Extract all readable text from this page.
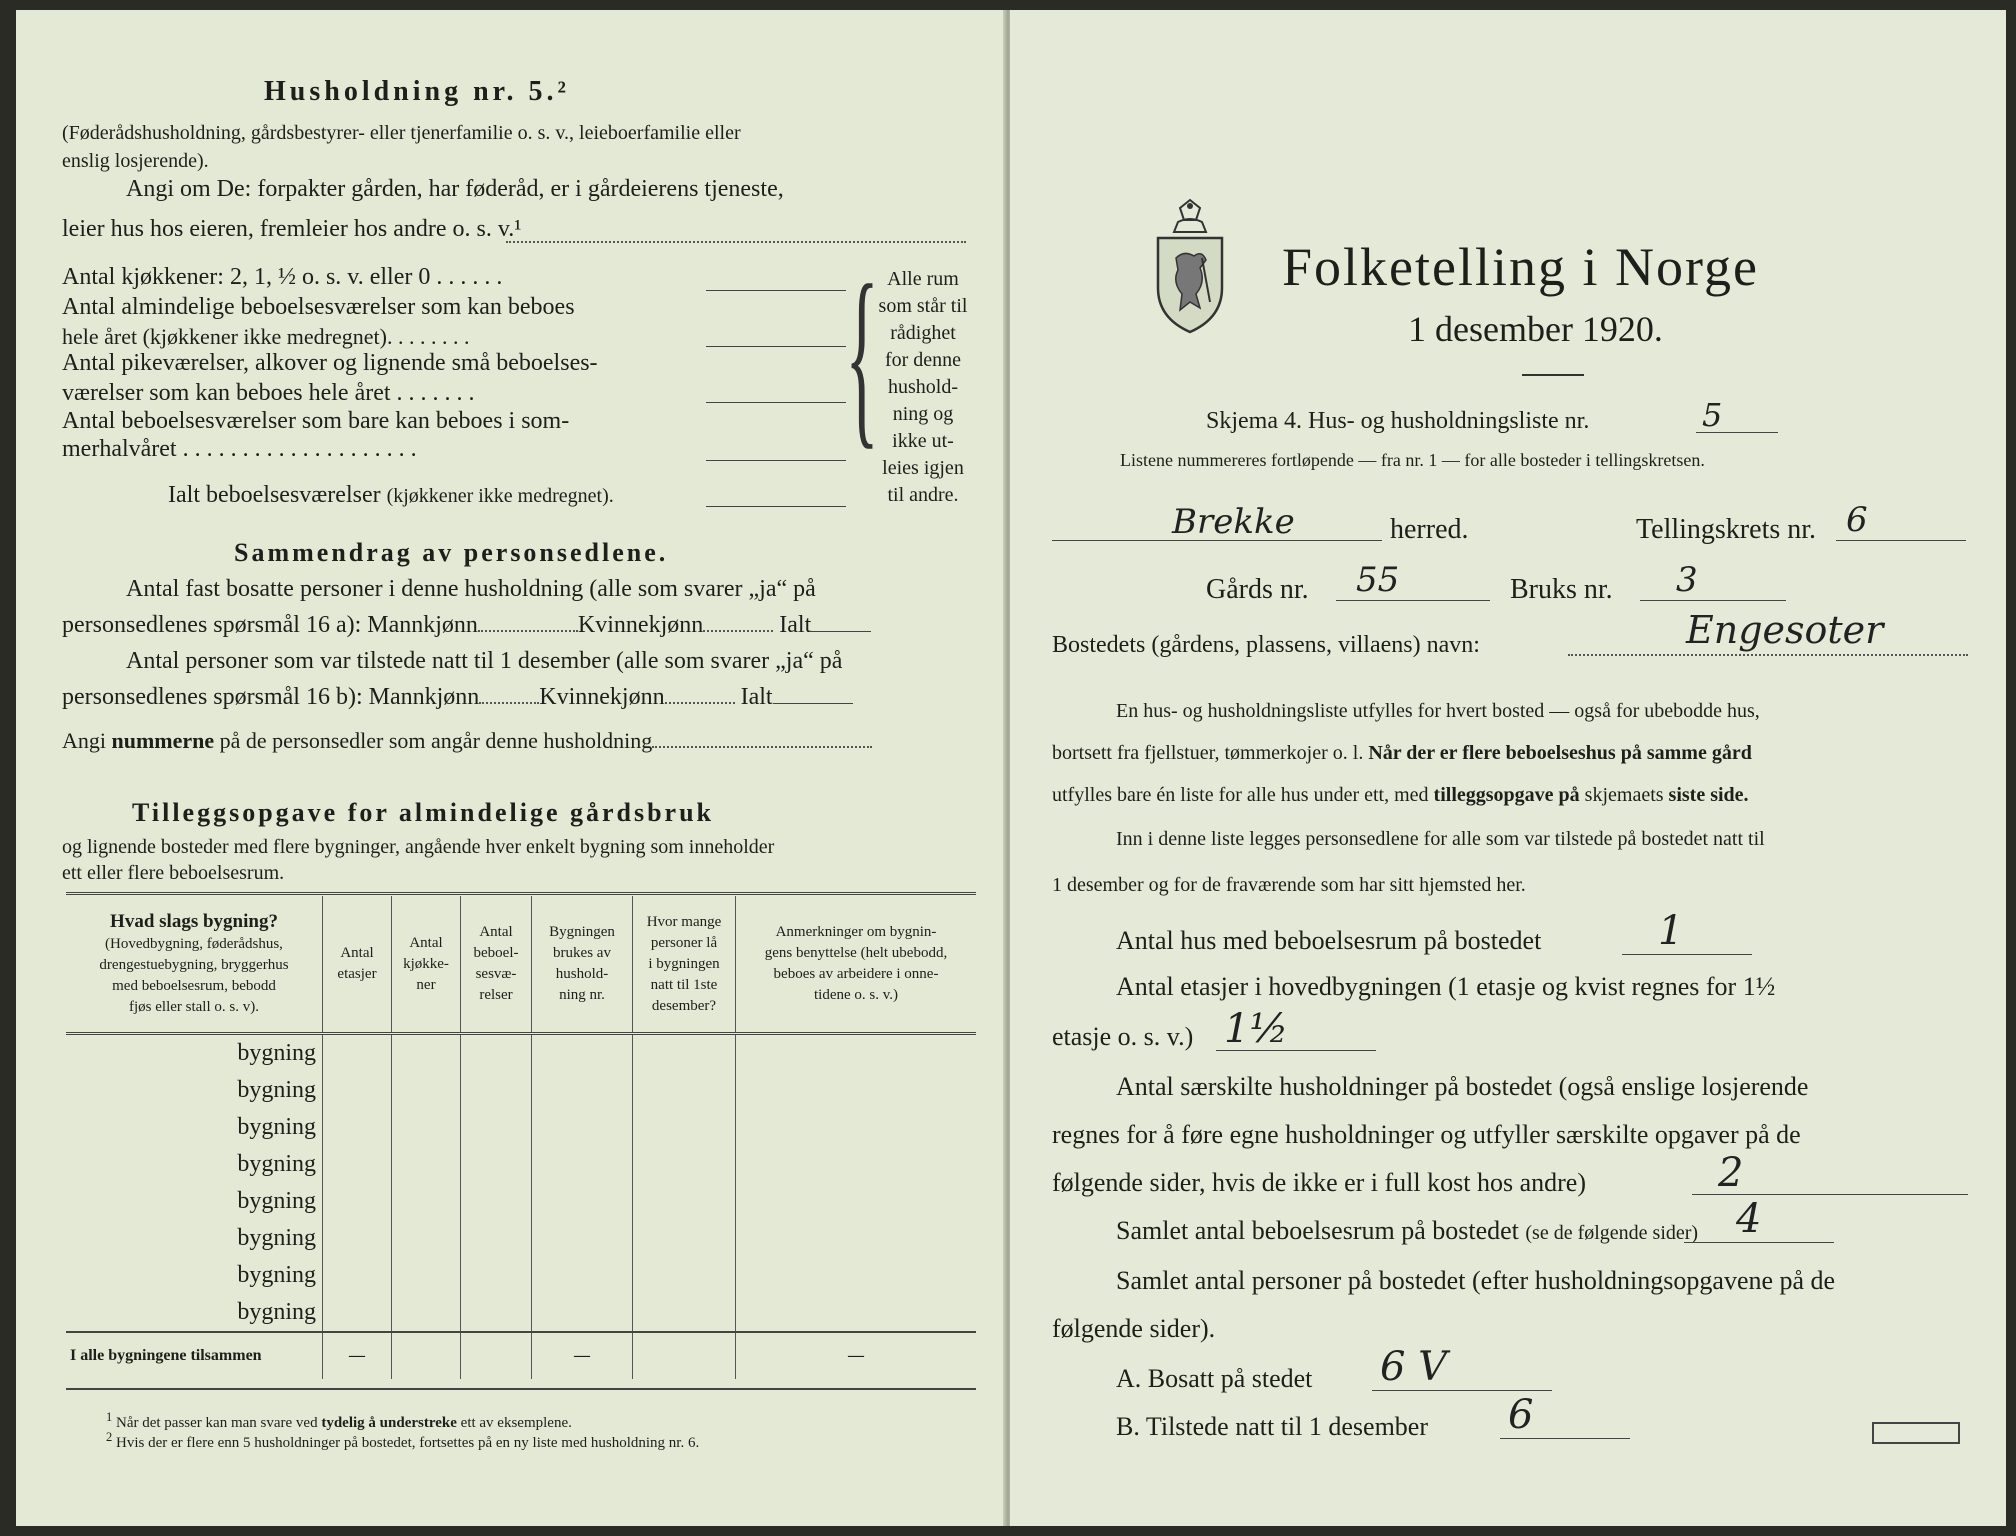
Husholdning nr. 5.²
(Føderådshusholdning, gårdsbestyrer- eller tjenerfamilie o. s. v., leieboerfamilie eller
enslig losjerende).
Angi om De: forpakter gården, har føderåd, er i gårdeierens tjeneste,
leier hus hos eieren, fremleier hos andre o. s. v.¹
Antal kjøkkener: 2, 1, ½ o. s. v. eller 0 . . . . . .
Antal almindelige beboelsesværelser som kan beboes
hele året (kjøkkener ikke medregnet). . . . . . . .
Antal pikeværelser, alkover og lignende små beboelses-
værelser som kan beboes hele året . . . . . . .
Antal beboelsesværelser som bare kan beboes i som-
merhalvåret . . . . . . . . . . . . . . . . . . . .
Ialt beboelsesværelser (kjøkkener ikke medregnet).
{ Alle rum
som står til
rådighet
for denne
hushold-
ning og
ikke ut-
leies igjen
til andre.
Sammendrag av personsedlene.
Antal fast bosatte personer i denne husholdning (alle som svarer „ja“ på
personsedlenes spørsmål 16 a): Mannkjønn	Kvinnekjønn	Ialt
Antal personer som var tilstede natt til 1 desember (alle som svarer „ja“ på
personsedlenes spørsmål 16 b): Mannkjønn	Kvinnekjønn	Ialt
Angi nummerne på de personsedler som angår denne husholdning
Tilleggsopgave for almindelige gårdsbruk
og lignende bosteder med flere bygninger, angående hver enkelt bygning som inneholder
ett eller flere beboelsesrum.
Hvad slags bygning?
(Hovedbygning, føderådshus,
drengestuebygning, bryggerhus
med beboelsesrum, bebodd
fjøs eller stall o. s. v).	Antal
etasjer	Antal
kjøkke-
ner	Antal
beboel-
sesvæ-
relser	Bygningen
brukes av
hushold-
ning nr.	Hvor mange
personer lå
i bygningen
natt til 1ste
desember?	Anmerkninger om bygnin-
gens benyttelse (helt ubebodd,
beboes av arbeidere i onne-
tidene o. s. v.)
bygning						
bygning						
bygning						
bygning						
bygning						
bygning						
bygning						
bygning						
I alle bygningene tilsammen	—			—		—
$^1$ Når det passer kan man svare ved tydelig å understreke ett av eksemplene.
$^2$ Hvis der er flere enn 5 husholdninger på bostedet, fortsettes på en ny liste med husholdning nr. 6.
Folketelling i Norge
1 desember 1920.
Skjema 4. Hus- og husholdningsliste nr.	5
Listene nummereres fortløpende — fra nr. 1 — for alle bosteder i tellingskretsen.
Brekke	herred.	Tellingskrets nr. 6
Gårds nr. 55	Bruks nr. 3
Bostedets (gårdens, plassens, villaens) navn:	Engesoter
En hus- og husholdningsliste utfylles for hvert bosted — også for ubebodde hus,
bortsett fra fjellstuer, tømmerkojer o. l. Når der er flere beboelseshus på samme gård
utfylles bare én liste for alle hus under ett, med tilleggsopgave på skjemaets siste side.
Inn i denne liste legges personsedlene for alle som var tilstede på bostedet natt til
1 desember og for de fraværende som har sitt hjemsted her.
Antal hus med beboelsesrum på bostedet	1
Antal etasjer i hovedbygningen (1 etasje og kvist regnes for 1½
etasje o. s. v.) 1½
Antal særskilte husholdninger på bostedet (også enslige losjerende
regnes for å føre egne husholdninger og utfyller særskilte opgaver på de
følgende sider, hvis de ikke er i full kost hos andre)	2
Samlet antal beboelsesrum på bostedet (se de følgende sider) 4
Samlet antal personer på bostedet (efter husholdningsopgavene på de
følgende sider).
A. Bosatt på stedet 6 V
B. Tilstede natt til 1 desember 6
